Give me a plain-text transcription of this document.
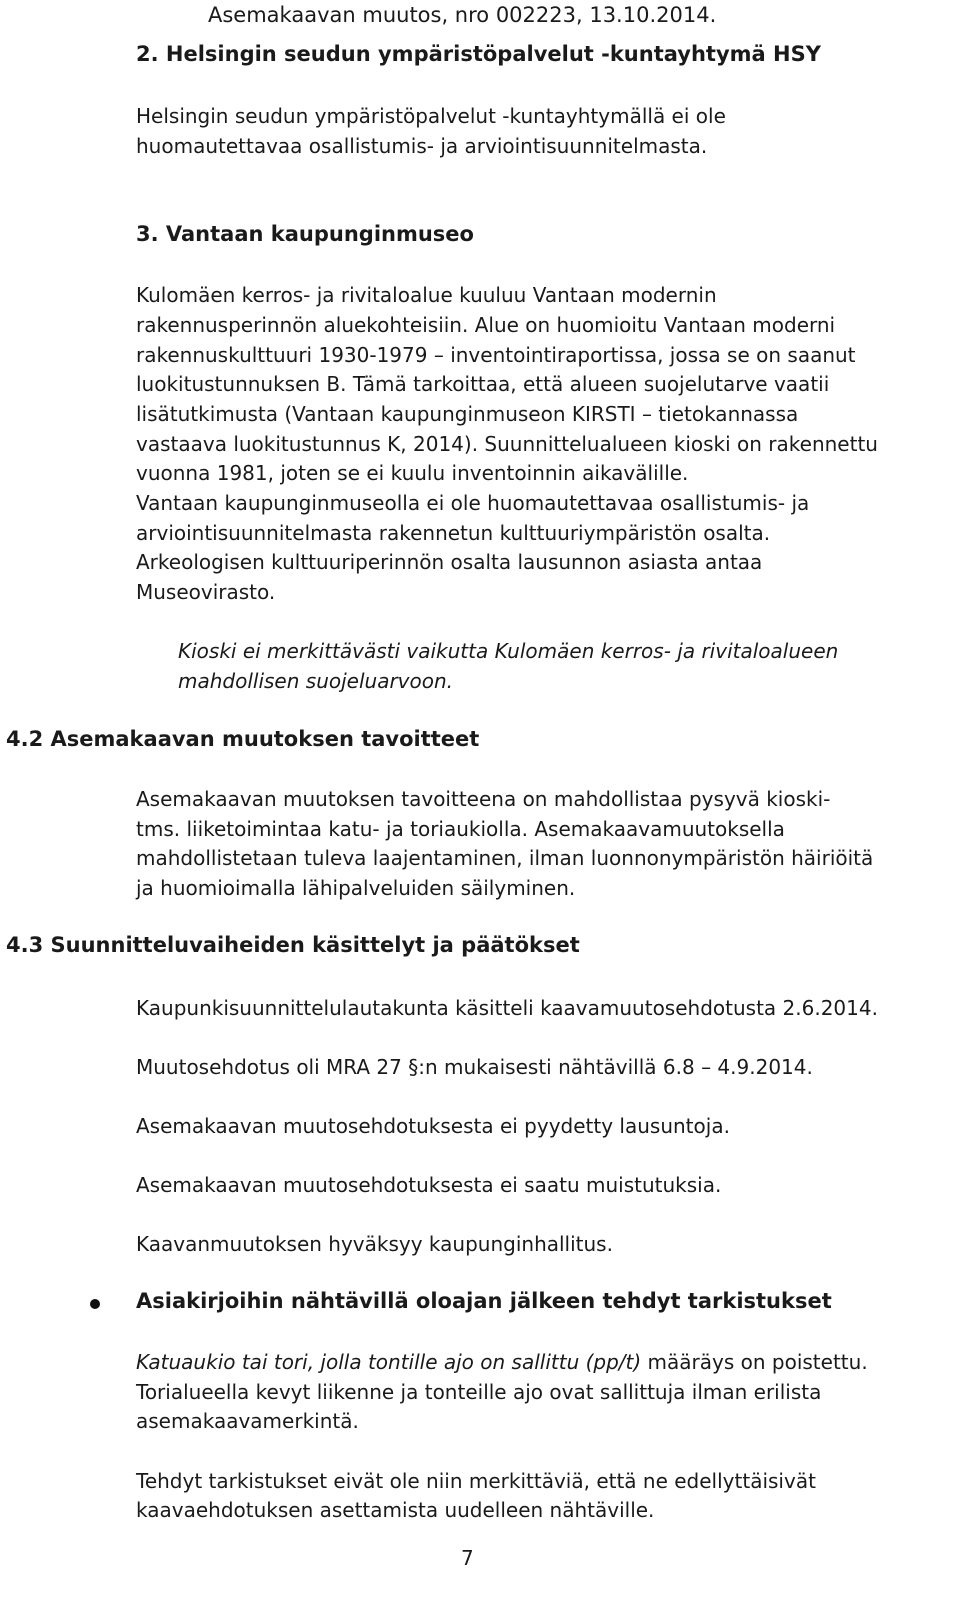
Asemakaavan muutos, nro 002223, 13.10.2014.
2. Helsingin seudun ympäristöpalvelut -kuntayhtymä HSY
Helsingin seudun ympäristöpalvelut -kuntayhtymällä ei ole
huomautettavaa osallistumis- ja arviointisuunnitelmasta.
3. Vantaan kaupunginmuseo
Kulomäen kerros- ja rivitaloalue kuuluu Vantaan modernin
rakennusperinnön aluekohteisiin. Alue on huomioitu Vantaan moderni
rakennuskulttuuri 1930-1979 – inventointiraportissa, jossa se on saanut
luokitustunnuksen B. Tämä tarkoittaa, että alueen suojelutarve vaatii
lisätutkimusta (Vantaan kaupunginmuseon KIRSTI – tietokannassa
vastaava luokitustunnus K, 2014). Suunnittelualueen kioski on rakennettu
vuonna 1981, joten se ei kuulu inventoinnin aikavälille.
Vantaan kaupunginmuseolla ei ole huomautettavaa osallistumis- ja
arviointisuunnitelmasta rakennetun kulttuuriympäristön osalta.
Arkeologisen kulttuuriperinnön osalta lausunnon asiasta antaa
Museovirasto.
Kioski ei merkittävästi vaikutta Kulomäen kerros- ja rivitaloalueen
mahdollisen suojeluarvoon.
4.2 Asemakaavan muutoksen tavoitteet
Asemakaavan muutoksen tavoitteena on mahdollistaa pysyvä kioski-
tms. liiketoimintaa katu- ja toriaukiolla. Asemakaavamuutoksella
mahdollistetaan tuleva laajentaminen, ilman luonnonympäristön häiriöitä
ja huomioimalla lähipalveluiden säilyminen.
4.3 Suunnitteluvaiheiden käsittelyt ja päätökset
Kaupunkisuunnittelulautakunta käsitteli kaavamuutosehdotusta 2.6.2014.
Muutosehdotus oli MRA 27 §:n mukaisesti nähtävillä 6.8 – 4.9.2014.
Asemakaavan muutosehdotuksesta ei pyydetty lausuntoja.
Asemakaavan muutosehdotuksesta ei saatu muistutuksia.
Kaavanmuutoksen hyväksyy kaupunginhallitus.
Asiakirjoihin nähtävillä oloajan jälkeen tehdyt tarkistukset
Katuaukio tai tori, jolla tontille ajo on sallittu (pp/t) määräys on poistettu.
Torialueella kevyt liikenne ja tonteille ajo ovat sallittuja ilman erilista
asemakaavamerkintä.
Tehdyt tarkistukset eivät ole niin merkittäviä, että ne edellyttäisivät
kaavaehdotuksen asettamista uudelleen nähtäville.
7
